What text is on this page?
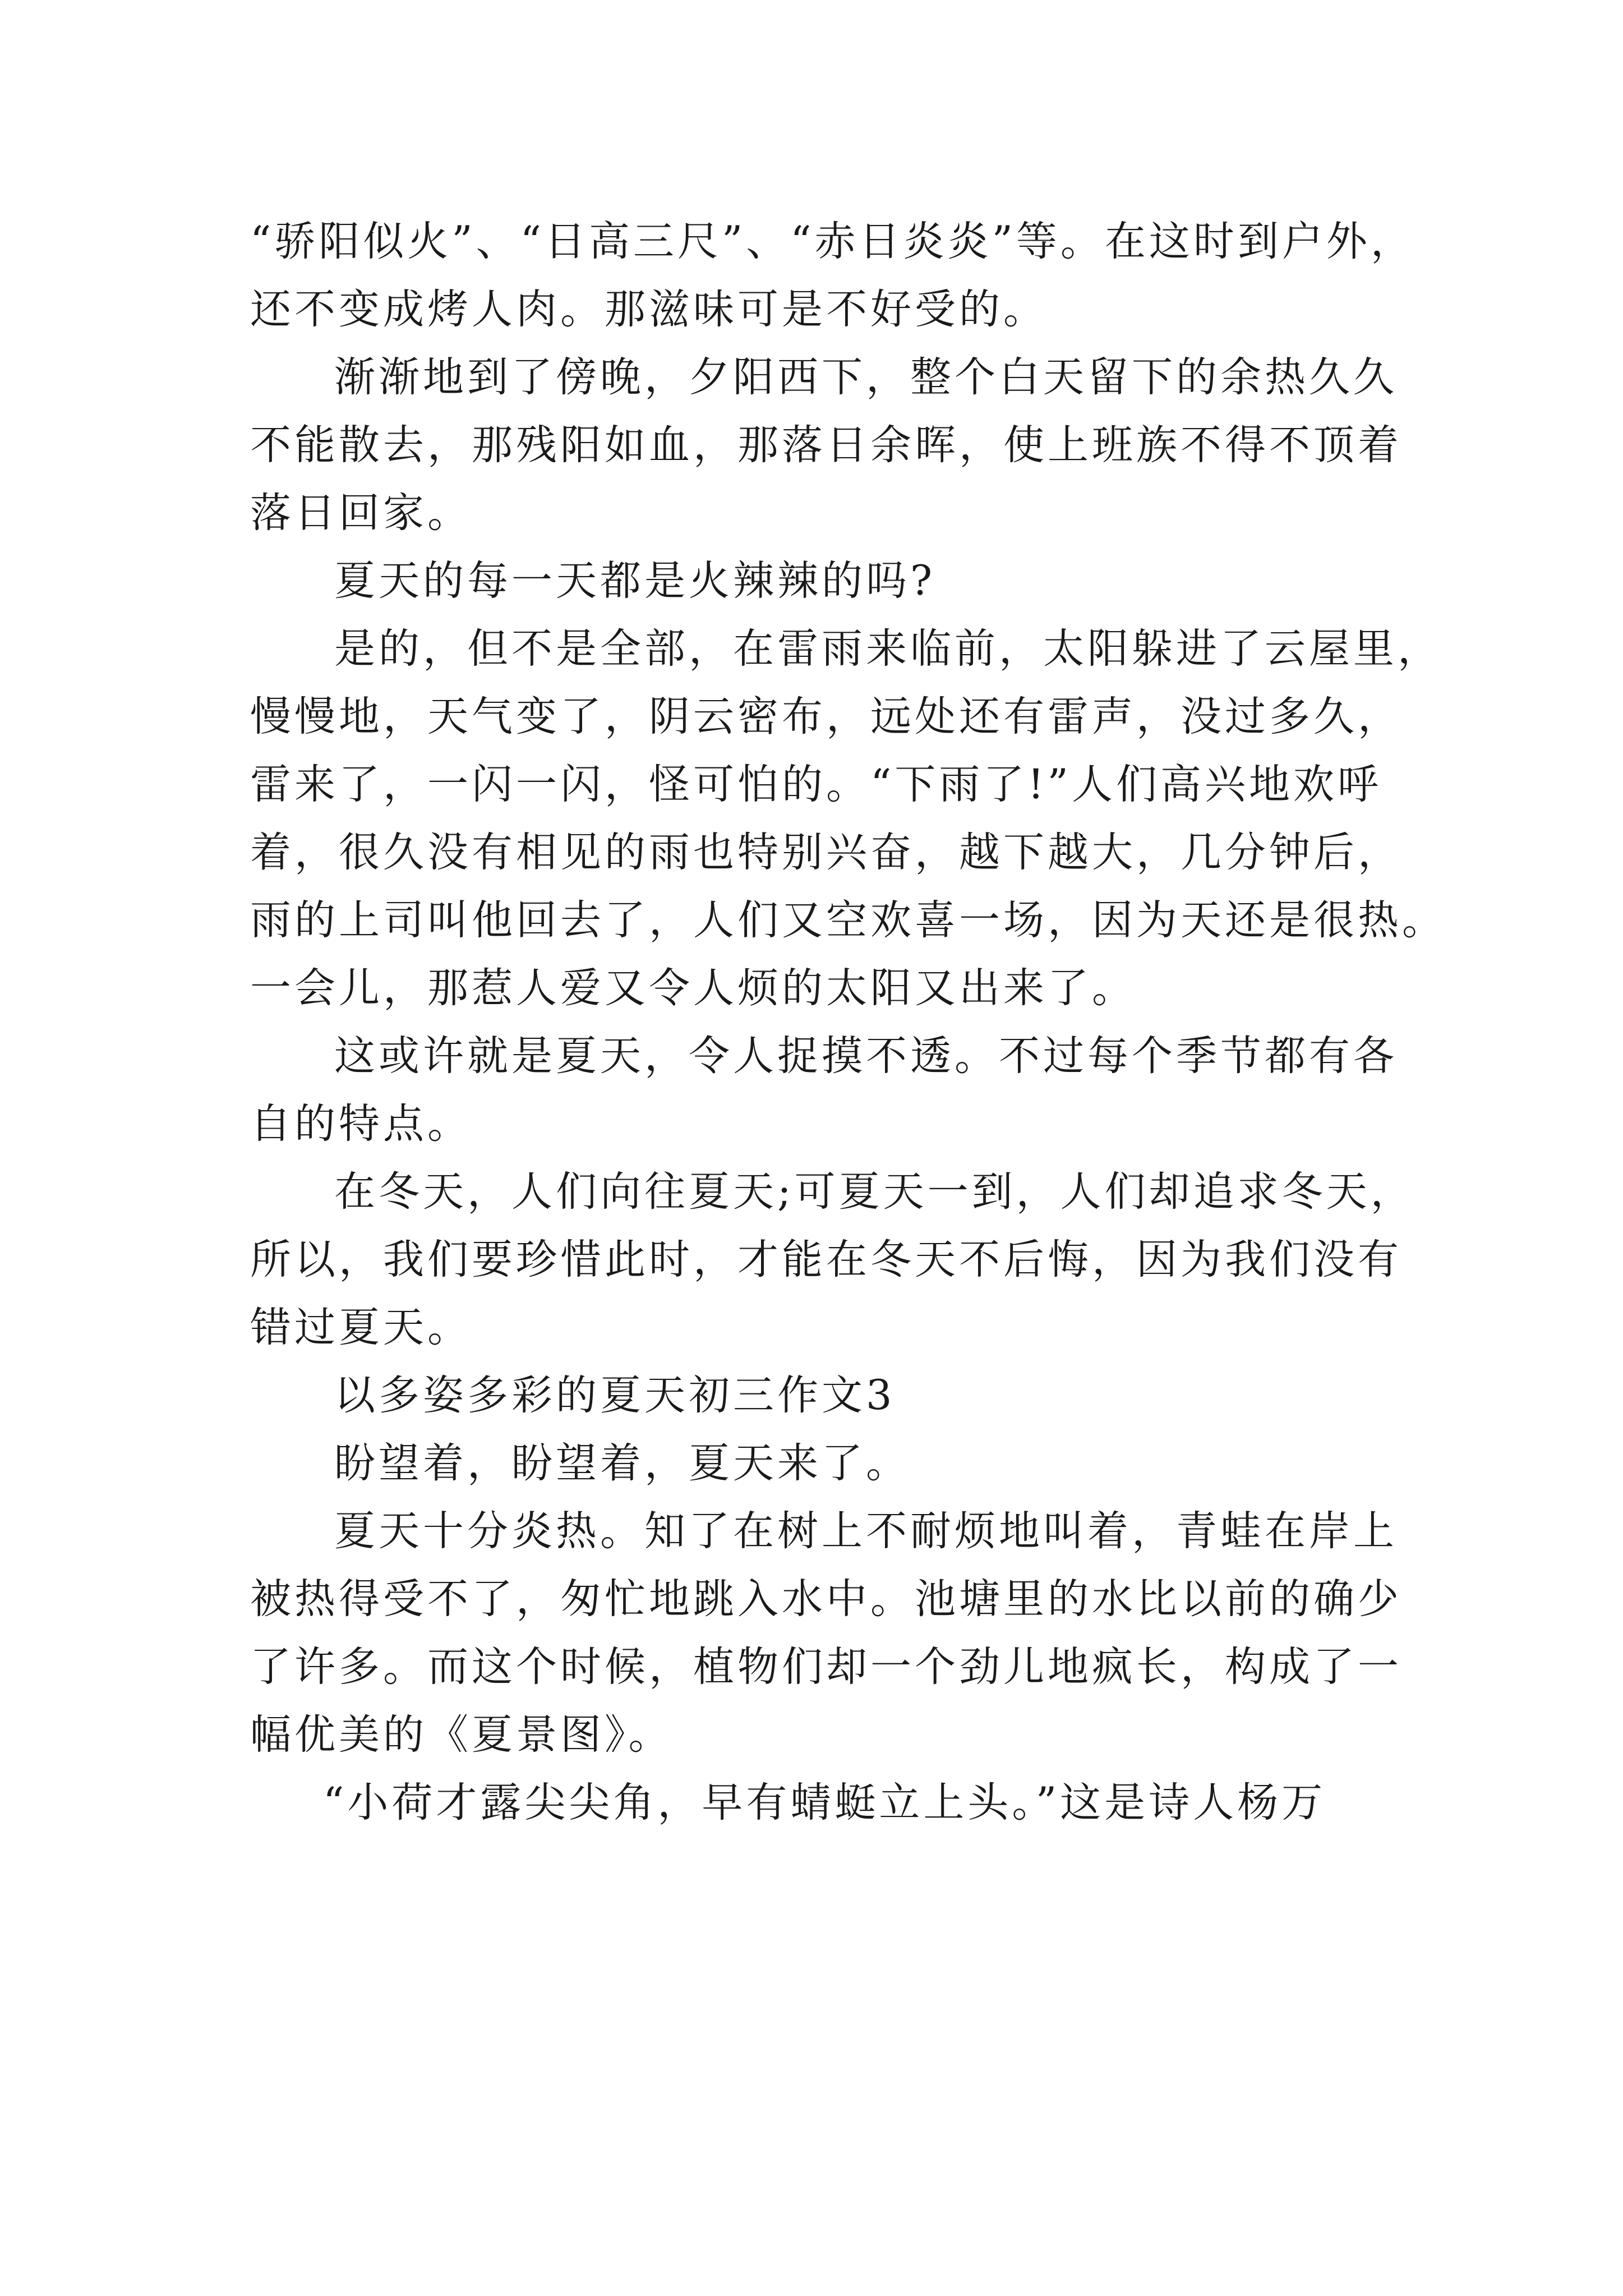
“骄阳似火”、“日高三尺”、“赤日炎炎”等。在这时到户外，
还不变成烤人肉。那滋味可是不好受的。
渐渐地到了傍晚，夕阳西下，整个白天留下的余热久久
不能散去，那残阳如血，那落日余晖，使上班族不得不顶着
落日回家。
夏天的每一天都是火辣辣的吗?
是的，但不是全部，在雷雨来临前，太阳躲进了云屋里，
慢慢地，天气变了，阴云密布，远处还有雷声，没过多久，
雷来了，一闪一闪，怪可怕的。“下雨了!”人们高兴地欢呼
着，很久没有相见的雨也特别兴奋，越下越大，几分钟后，
雨的上司叫他回去了，人们又空欢喜一场，因为天还是很热。
一会儿，那惹人爱又令人烦的太阳又出来了。
这或许就是夏天，令人捉摸不透。不过每个季节都有各
自的特点。
在冬天，人们向往夏天;可夏天一到，人们却追求冬天，
所以，我们要珍惜此时，才能在冬天不后悔，因为我们没有
错过夏天。
以多姿多彩的夏天初三作文3
盼望着，盼望着，夏天来了。
夏天十分炎热。知了在树上不耐烦地叫着，青蛙在岸上
被热得受不了，匆忙地跳入水中。池塘里的水比以前的确少
了许多。而这个时候，植物们却一个劲儿地疯长，构成了一
幅优美的《夏景图》。
“小荷才露尖尖角，早有蜻蜓立上头。”这是诗人杨万
